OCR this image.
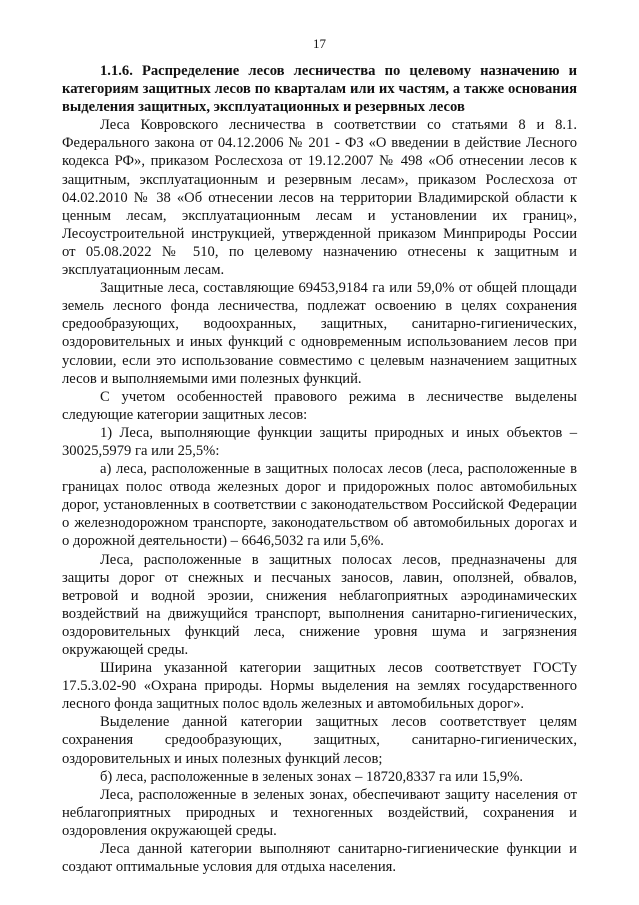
17

1.1.6. Распределение лесов лесничества по целевому назначению и категориям защитных лесов по кварталам или их частям, а также основания выделения защитных, эксплуатационных и резервных лесов

Леса Ковровского лесничества в соответствии со статьями 8 и 8.1. Федерального закона от 04.12.2006 № 201 - ФЗ «О введении в действие Лесного кодекса РФ», приказом Рослесхоза от 19.12.2007 № 498 «Об отнесении лесов к защитным, эксплуатационным и резервным лесам», приказом Рослесхоза от 04.02.2010 № 38 «Об отнесении лесов на территории Владимирской области к ценным лесам, эксплуатационным лесам и установлении их границ», Лесоустроительной инструкцией, утвержденной приказом Минприроды России от 05.08.2022 № 510, по целевому назначению отнесены к защитным и эксплуатационным лесам.

Защитные леса, составляющие 69453,9184 га или 59,0% от общей площади земель лесного фонда лесничества, подлежат освоению в целях сохранения средообразующих, водоохранных, защитных, санитарно-гигиенических, оздоровительных и иных функций с одновременным использованием лесов при условии, если это использование совместимо с целевым назначением защитных лесов и выполняемыми ими полезных функций.

С учетом особенностей правового режима в лесничестве выделены следующие категории защитных лесов:

1) Леса, выполняющие функции защиты природных и иных объектов – 30025,5979 га или 25,5%:

а) леса, расположенные в защитных полосах лесов (леса, расположенные в границах полос отвода железных дорог и придорожных полос автомобильных дорог, установленных в соответствии с законодательством Российской Федерации о железнодорожном транспорте, законодательством об автомобильных дорогах и о дорожной деятельности) – 6646,5032 га или 5,6%.

Леса, расположенные в защитных полосах лесов, предназначены для защиты дорог от снежных и песчаных заносов, лавин, оползней, обвалов, ветровой и водной эрозии, снижения неблагоприятных аэродинамических воздействий на движущийся транспорт, выполнения санитарно-гигиенических, оздоровительных функций леса, снижение уровня шума и загрязнения окружающей среды.

Ширина указанной категории защитных лесов соответствует ГОСТу 17.5.3.02-90 «Охрана природы. Нормы выделения на землях государственного лесного фонда защитных полос вдоль железных и автомобильных дорог».

Выделение данной категории защитных лесов соответствует целям сохранения средообразующих, защитных, санитарно-гигиенических, оздоровительных и иных полезных функций лесов;

б) леса, расположенные в зеленых зонах – 18720,8337 га или 15,9%.

Леса, расположенные в зеленых зонах, обеспечивают защиту населения от неблагоприятных природных и техногенных воздействий, сохранения и оздоровления окружающей среды.

Леса данной категории выполняют санитарно-гигиенические функции и создают оптимальные условия для отдыха населения.
